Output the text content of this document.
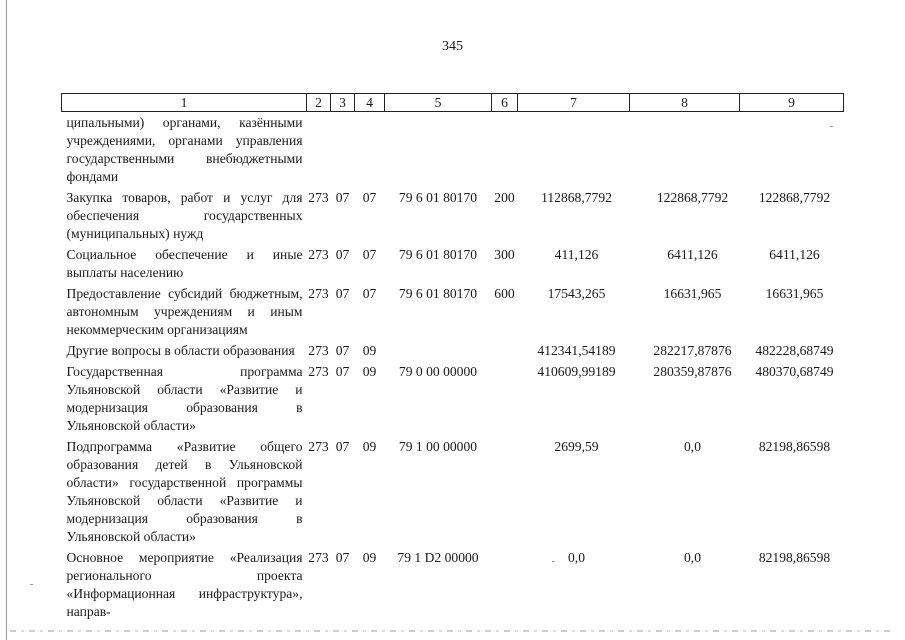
345
1	2	3	4	5	6	7	8	9
ципальными) органами, казёнными учреждениями, органами управления государственными внебюджетными фондами								
Закупка товаров, работ и услуг для обеспечения государственных (муниципальных) нужд	273	07	07	79 6 01 80170	200	112868,7792	122868,7792	122868,7792
Социальное обеспечение и иные выплаты населению	273	07	07	79 6 01 80170	300	411,126	6411,126	6411,126
Предоставление субсидий бюджетным, автономным учреждениям и иным некоммерческим организациям	273	07	07	79 6 01 80170	600	17543,265	16631,965	16631,965
Другие вопросы в области образования	273	07	09			412341,54189	282217,87876	482228,68749
Государственная программа Ульяновской области «Развитие и модернизация образования в Ульяновской области»	273	07	09	79 0 00 00000		410609,99189	280359,87876	480370,68749
Подпрограмма «Развитие общего образования детей в Ульяновской области» государственной программы Ульяновской области «Развитие и модернизация образования в Ульяновской области»	273	07	09	79 1 00 00000		2699,59	0,0	82198,86598
Основное мероприятие «Реализация регионального проекта «Информационная инфраструктура», направ-	273	07	09	79 1 D2 00000		0,0	0,0	82198,86598
